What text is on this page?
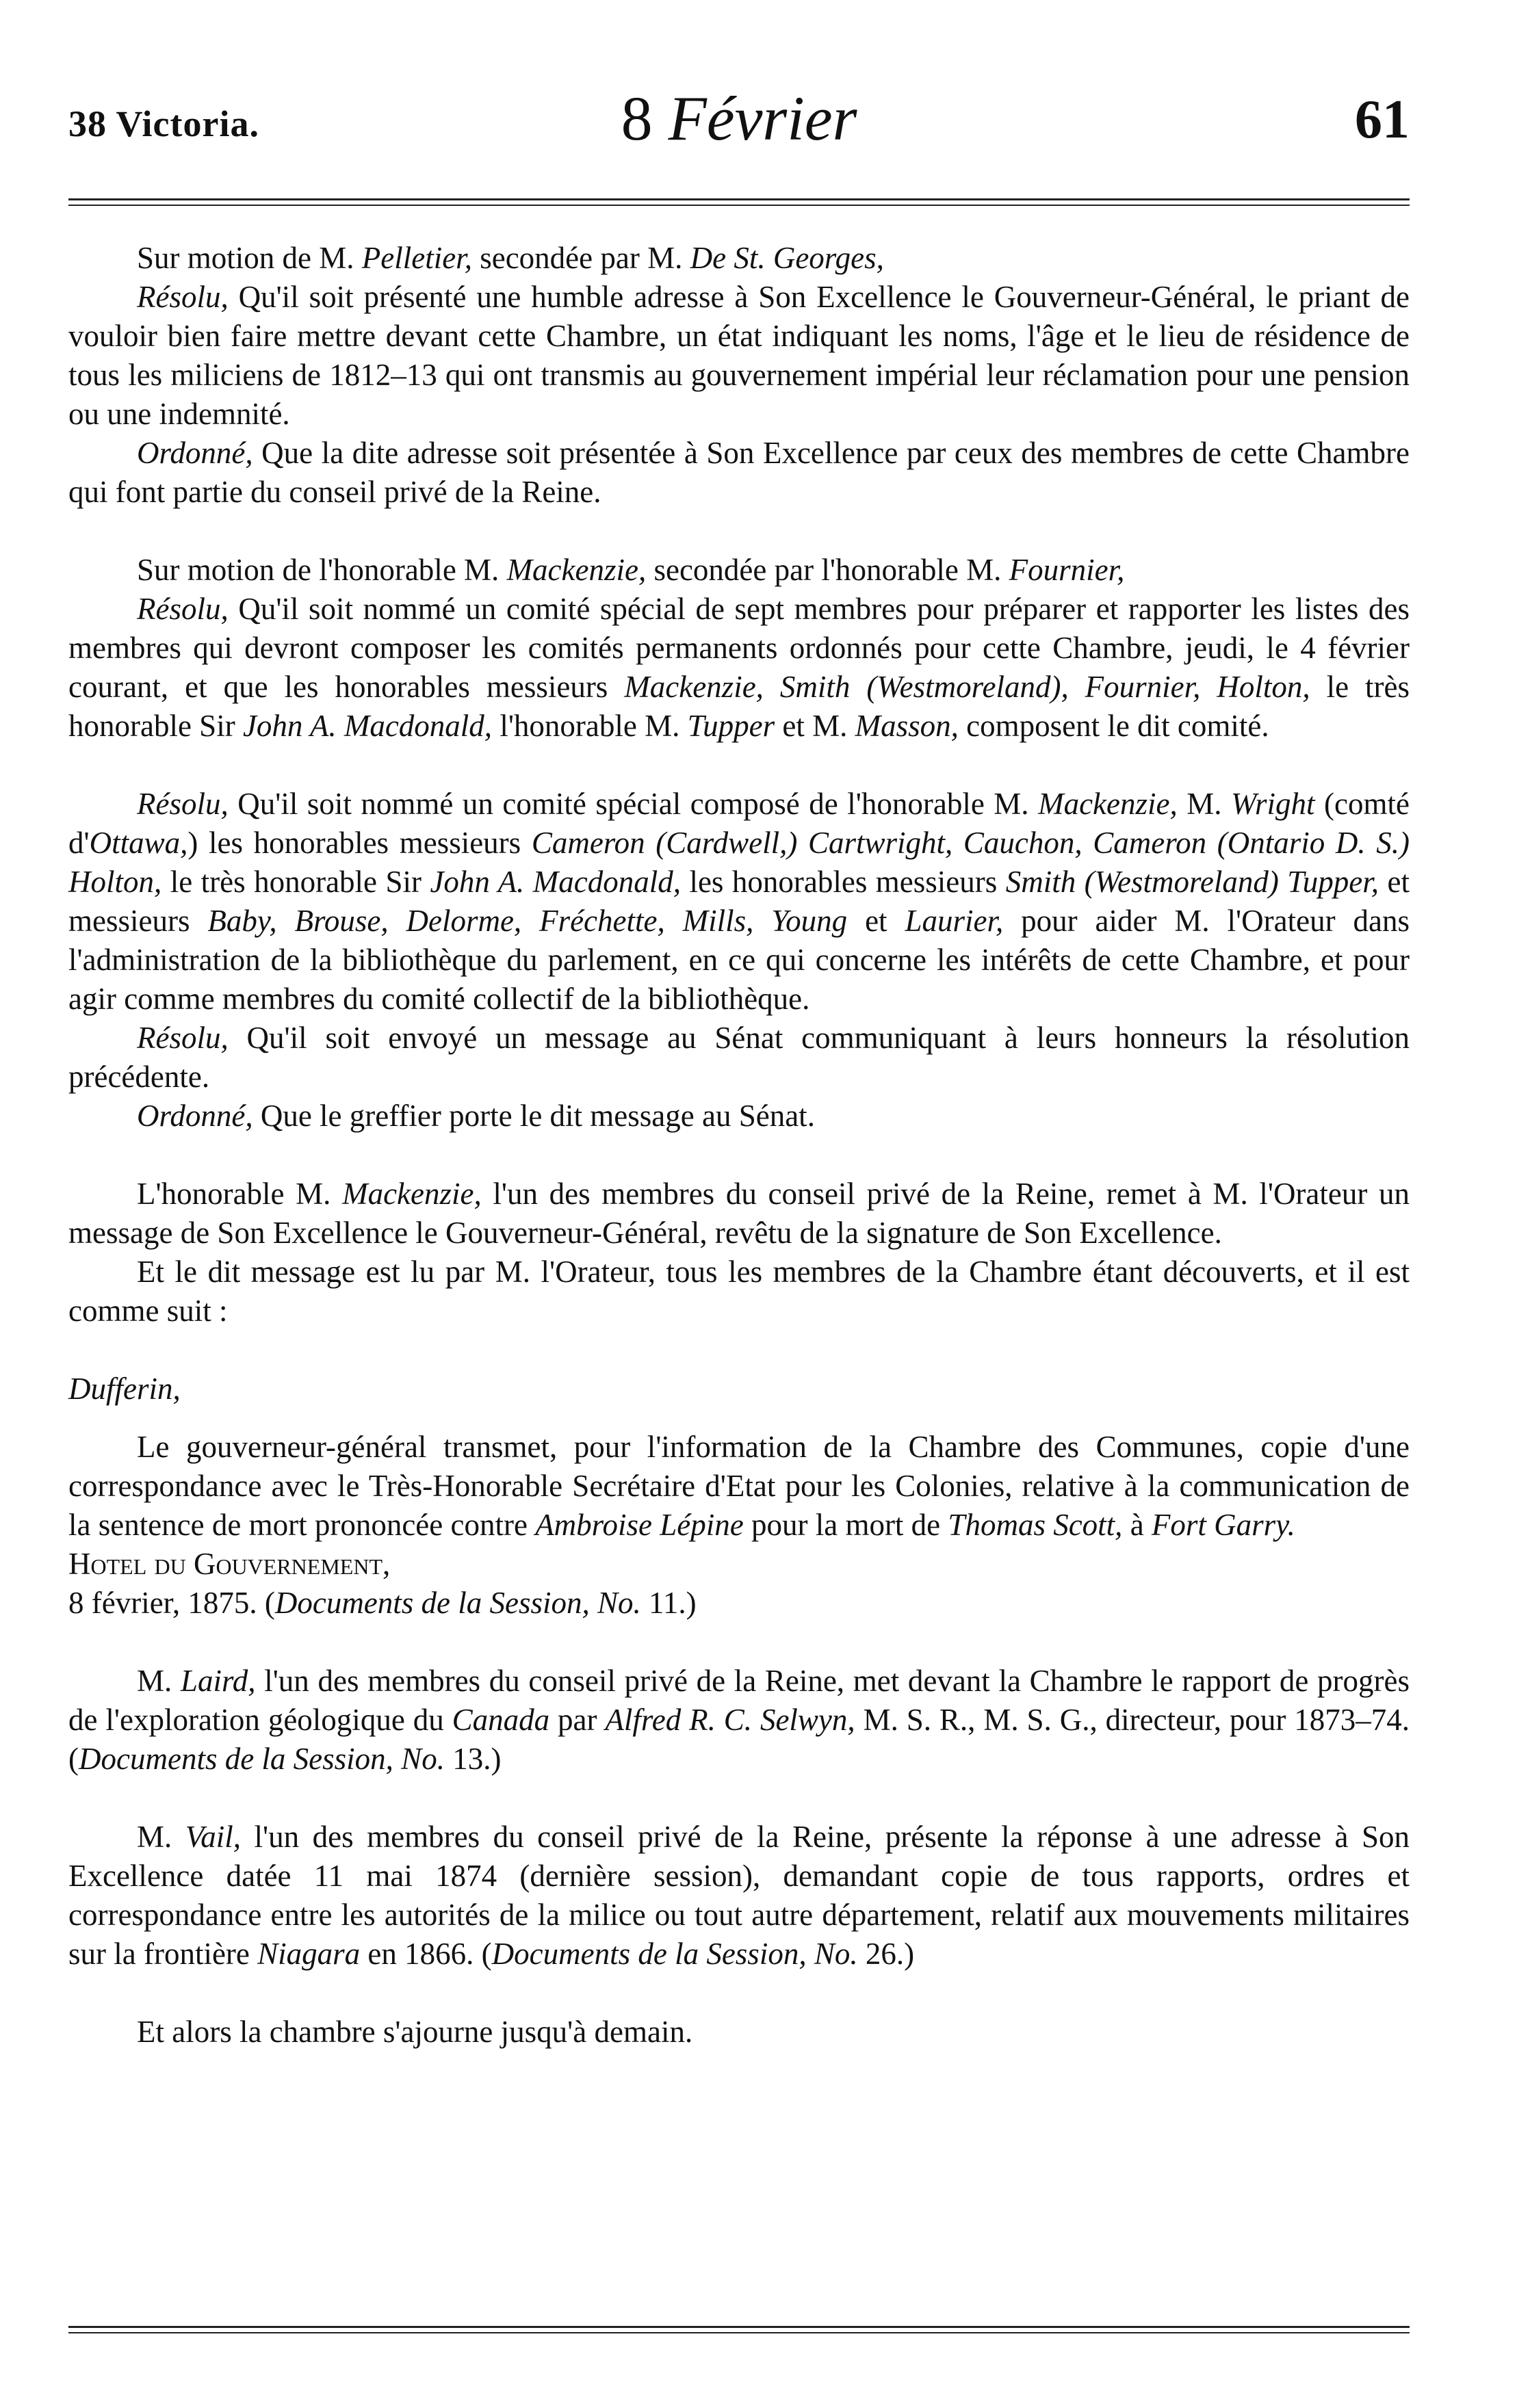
38 Victoria.	8 Février	61

Sur motion de M. Pelletier, secondée par M. De St. Georges,

Résolu, Qu'il soit présenté une humble adresse à Son Excellence le Gouverneur-Général, le priant de vouloir bien faire mettre devant cette Chambre, un état indiquant les noms, l'âge et le lieu de résidence de tous les miliciens de 1812–13 qui ont transmis au gouvernement impérial leur réclamation pour une pension ou une indemnité.

Ordonné, Que la dite adresse soit présentée à Son Excellence par ceux des membres de cette Chambre qui font partie du conseil privé de la Reine.

Sur motion de l'honorable M. Mackenzie, secondée par l'honorable M. Fournier,

Résolu, Qu'il soit nommé un comité spécial de sept membres pour préparer et rapporter les listes des membres qui devront composer les comités permanents ordonnés pour cette Chambre, jeudi, le 4 février courant, et que les honorables messieurs Mackenzie, Smith (Westmoreland), Fournier, Holton, le très honorable Sir John A. Macdonald, l'honorable M. Tupper et M. Masson, composent le dit comité.

Résolu, Qu'il soit nommé un comité spécial composé de l'honorable M. Mackenzie, M. Wright (comté d'Ottawa,) les honorables messieurs Cameron (Cardwell,) Cartwright, Cauchon, Cameron (Ontario D. S.) Holton, le très honorable Sir John A. Macdonald, les honorables messieurs Smith (Westmoreland) Tupper, et messieurs Baby, Brouse, Delorme, Fréchette, Mills, Young et Laurier, pour aider M. l'Orateur dans l'administration de la bibliothèque du parlement, en ce qui concerne les intérêts de cette Chambre, et pour agir comme membres du comité collectif de la bibliothèque.

Résolu, Qu'il soit envoyé un message au Sénat communiquant à leurs honneurs la résolution précédente.

Ordonné, Que le greffier porte le dit message au Sénat.

L'honorable M. Mackenzie, l'un des membres du conseil privé de la Reine, remet à M. l'Orateur un message de Son Excellence le Gouverneur-Général, revêtu de la signature de Son Excellence.

Et le dit message est lu par M. l'Orateur, tous les membres de la Chambre étant découverts, et il est comme suit :

Dufferin,

Le gouverneur-général transmet, pour l'information de la Chambre des Communes, copie d'une correspondance avec le Très-Honorable Secrétaire d'Etat pour les Colonies, relative à la communication de la sentence de mort prononcée contre Ambroise Lépine pour la mort de Thomas Scott, à Fort Garry.

Hotel du Gouvernement,

8 février, 1875. (Documents de la Session, No. 11.)

M. Laird, l'un des membres du conseil privé de la Reine, met devant la Chambre le rapport de progrès de l'exploration géologique du Canada par Alfred R. C. Selwyn, M. S. R., M. S. G., directeur, pour 1873–74. (Documents de la Session, No. 13.)

M. Vail, l'un des membres du conseil privé de la Reine, présente la réponse à une adresse à Son Excellence datée 11 mai 1874 (dernière session), demandant copie de tous rapports, ordres et correspondance entre les autorités de la milice ou tout autre département, relatif aux mouvements militaires sur la frontière Niagara en 1866. (Documents de la Session, No. 26.)

Et alors la chambre s'ajourne jusqu'à demain.
